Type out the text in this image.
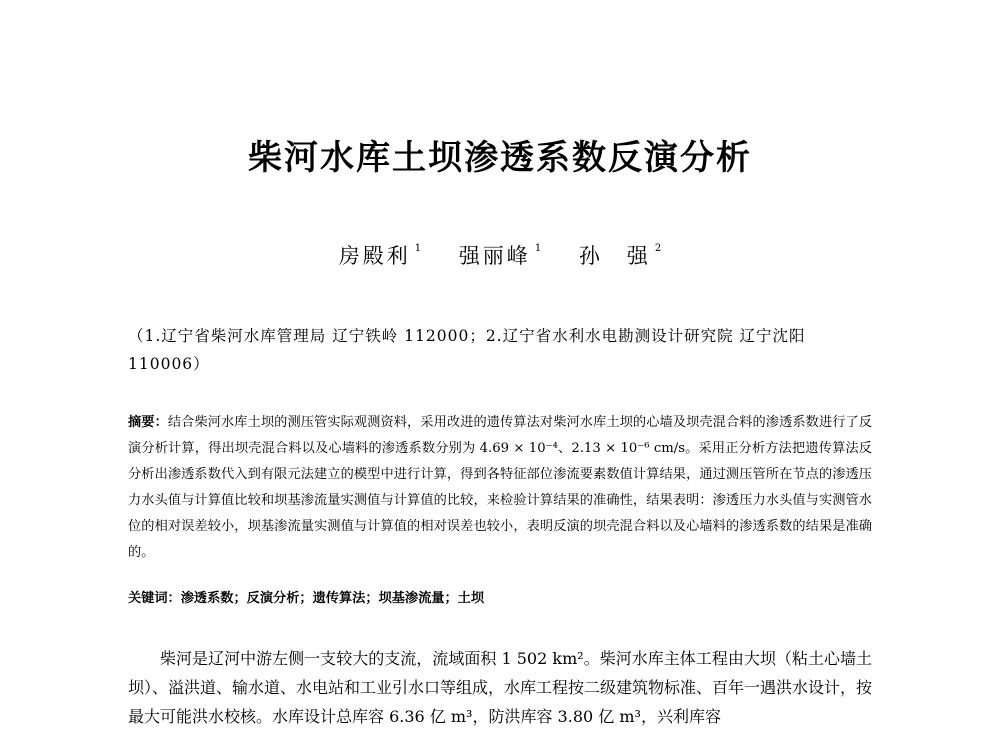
柴河水库土坝渗透系数反演分析
房殿利 $^1$ 强丽峰 $^1$ 孙　强 $^2$
（1.辽宁省柴河水库管理局 辽宁铁岭 112000；2.辽宁省水利水电勘测设计研究院 辽宁沈阳 110006）
摘要：结合柴河水库土坝的测压管实际观测资料，采用改进的遗传算法对柴河水库土坝的心墙及坝壳混合料的渗透系数进行了反演分析计算，得出坝壳混合料以及心墙料的渗透系数分别为 4.69 × 10⁻⁴、2.13 × 10⁻⁶ cm/s。采用正分析方法把遗传算法反分析出渗透系数代入到有限元法建立的模型中进行计算，得到各特征部位渗流要素数值计算结果，通过测压管所在节点的渗透压力水头值与计算值比较和坝基渗流量实测值与计算值的比较，来检验计算结果的准确性，结果表明：渗透压力水头值与实测管水位的相对误差较小，坝基渗流量实测值与计算值的相对误差也较小，表明反演的坝壳混合料以及心墙料的渗透系数的结果是准确的。
关键词：渗透系数；反演分析；遗传算法；坝基渗流量；土坝
柴河是辽河中游左侧一支较大的支流，流域面积 1 502 km²。柴河水库主体工程由大坝（粘土心墙土坝）、溢洪道、输水道、水电站和工业引水口等组成，水库工程按二级建筑物标准、百年一遇洪水设计，按最大可能洪水校核。水库设计总库容 6.36 亿 m³，防洪库容 3.80 亿 m³，兴利库容
